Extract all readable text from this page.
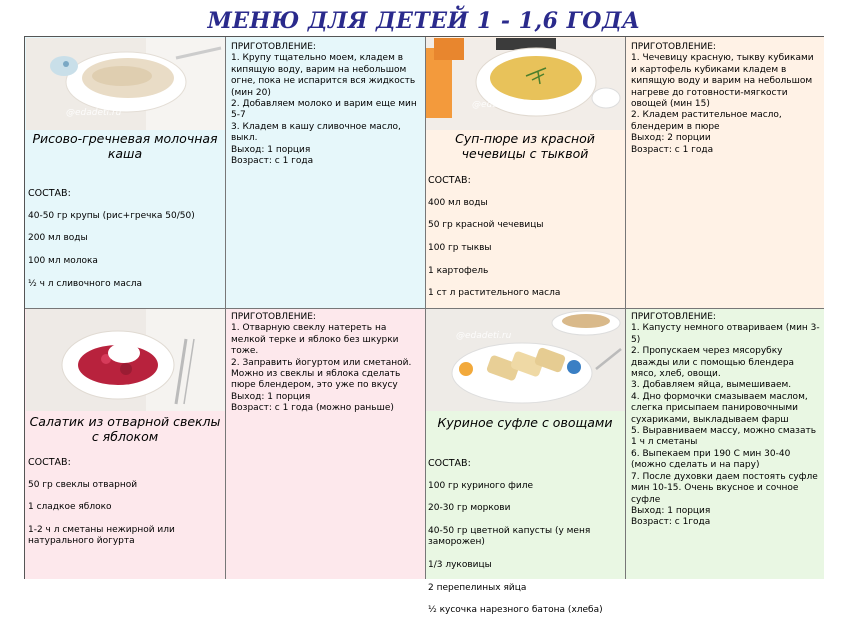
МЕНЮ ДЛЯ ДЕТЕЙ 1 - 1,6 ГОДА
@edadeti.ru
Рисово-гречневая молочная каша

СОСТАВ:

40-50 гр крупы (рис+гречка 50/50)

200 мл воды

100 мл молока

½ ч л сливочного масла

ПРИГОТОВЛЕНИЕ:
1. Крупу тщательно моем, кладем в кипящую воду, варим на небольшом огне, пока не испарится вся жидкость (мин 20)
2. Добавляем молоко и варим еще мин 5-7
3. Кладем в кашу сливочное масло, выкл.
Выход: 1 порция
Возраст: с 1 года
@edadeti.ru
Суп-пюре из красной чечевицы с тыквой

СОСТАВ:

400 мл воды

50 гр красной чечевицы

100 гр тыквы

1 картофель

1 ст л растительного масла

ПРИГОТОВЛЕНИЕ:
1. Чечевицу красную, тыкву кубиками и картофель кубиками кладем в кипящую воду и варим на небольшом нагреве до готовности-мягкости овощей (мин 15)
2. Кладем растительное масло, блендерим в пюре
Выход: 2 порции
Возраст: с 1 года
Салатик из отварной свеклы с яблоком

СОСТАВ:

50 гр свеклы отварной

1 сладкое яблоко

1-2 ч л сметаны нежирной или натурального йогурта

ПРИГОТОВЛЕНИЕ:
1. Отварную свеклу натереть на мелкой терке и яблоко без шкурки тоже.
2. Заправить йогуртом или сметаной. Можно из свеклы и яблока сделать пюре блендером, это уже по вкусу
Выход: 1 порция
Возраст: с 1 года (можно раньше)
@edadeti.ru
Куриное суфле с овощами

СОСТАВ:

100 гр куриного филе

20-30 гр моркови

40-50 гр цветной капусты (у меня заморожен)

1/3 луковицы

2 перепелиных яйца

½ кусочка нарезного батона (хлеба)

ПРИГОТОВЛЕНИЕ:
1. Капусту немного отвариваем (мин 3-5)
2. Пропускаем через мясорубку дважды или с помощью блендера мясо, хлеб, овощи.
3. Добавляем яйца, вымешиваем.
4. Дно формочки смазываем маслом, слегка присыпаем панировочными сухариками, выкладываем фарш
5. Выравниваем массу, можно смазать 1 ч л сметаны
6. Выпекаем при 190 С мин 30-40 (можно сделать и на пару)
7. После духовки даем постоять суфле мин 10-15. Очень вкусное и сочное суфле
Выход: 1 порция
Возраст: с 1года
